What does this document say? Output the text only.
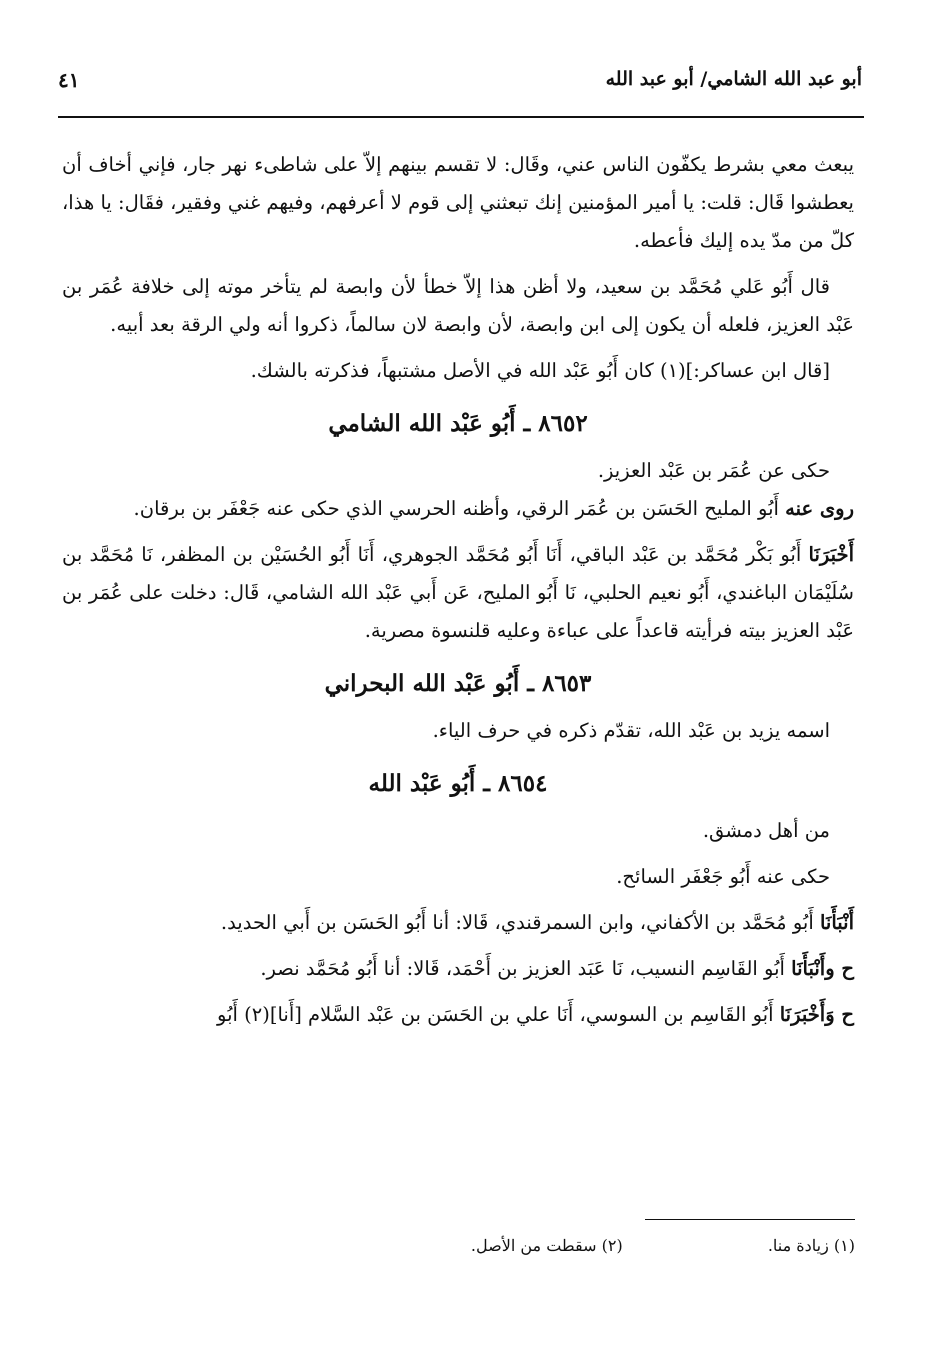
أبو عبد الله الشامي/ أبو عبد الله
٤١

يبعث معي بشرط يكفّون الناس عني، وقَال: لا تقسم بينهم إلاّ على شاطىء نهر جار، فإني أخاف أن يعطشوا قَال: قلت: يا أمير المؤمنين إنك تبعثني إلى قوم لا أعرفهم، وفيهم غني وفقير، فقَال: يا هذا، كلّ من مدّ يده إليك فأعطه.

قال أَبُو عَلي مُحَمَّد بن سعيد، ولا أظن هذا إلاّ خطأ لأن وابصة لم يتأخر موته إلى خلافة عُمَر بن عَبْد العزيز، فلعله أن يكون إلى ابن وابصة، لأن وابصة لان سالماً، ذكروا أنه ولي الرقة بعد أبيه.

[قال ابن عساكر:](١) كان أَبُو عَبْد الله في الأصل مشتبهاً، فذكرته بالشك.

٨٦٥٢ ـ أَبُو عَبْد الله الشامي

حكى عن عُمَر بن عَبْد العزيز.

روى عنه أَبُو المليح الحَسَن بن عُمَر الرقي، وأظنه الحرسي الذي حكى عنه جَعْفَر بن برقان.

أَخْبَرَنَا أَبُو بَكْر مُحَمَّد بن عَبْد الباقي، أَنَا أَبُو مُحَمَّد الجوهري، أَنَا أَبُو الحُسَيْن بن المظفر، نَا مُحَمَّد بن سُلَيْمَان الباغندي، أَبُو نعيم الحلبي، نَا أَبُو المليح، عَن أَبي عَبْد الله الشامي، قَال: دخلت على عُمَر بن عَبْد العزيز بيته فرأيته قاعداً على عباءة وعليه قلنسوة مصرية.

٨٦٥٣ ـ أَبُو عَبْد الله البحراني

اسمه يزيد بن عَبْد الله، تقدّم ذكره في حرف الياء.

٨٦٥٤ ـ أَبُو عَبْد الله

من أهل دمشق.

حكى عنه أَبُو جَعْفَر السائح.

أَنْبَأَنَا أَبُو مُحَمَّد بن الأكفاني، وابن السمرقندي، قَالا: أنا أَبُو الحَسَن بن أَبي الحديد.

ح وأَنْبَأَنَا أَبُو القَاسِم النسيب، نَا عَبَد العزيز بن أَحْمَد، قَالا: أنا أَبُو مُحَمَّد نصر.

ح وَأَخْبَرَنَا أَبُو القَاسِم بن السوسي، أَنَا علي بن الحَسَن بن عَبْد السَّلام [أَنا](٢) أَبُو

(١) زيادة منا. (٢) سقطت من الأصل.
